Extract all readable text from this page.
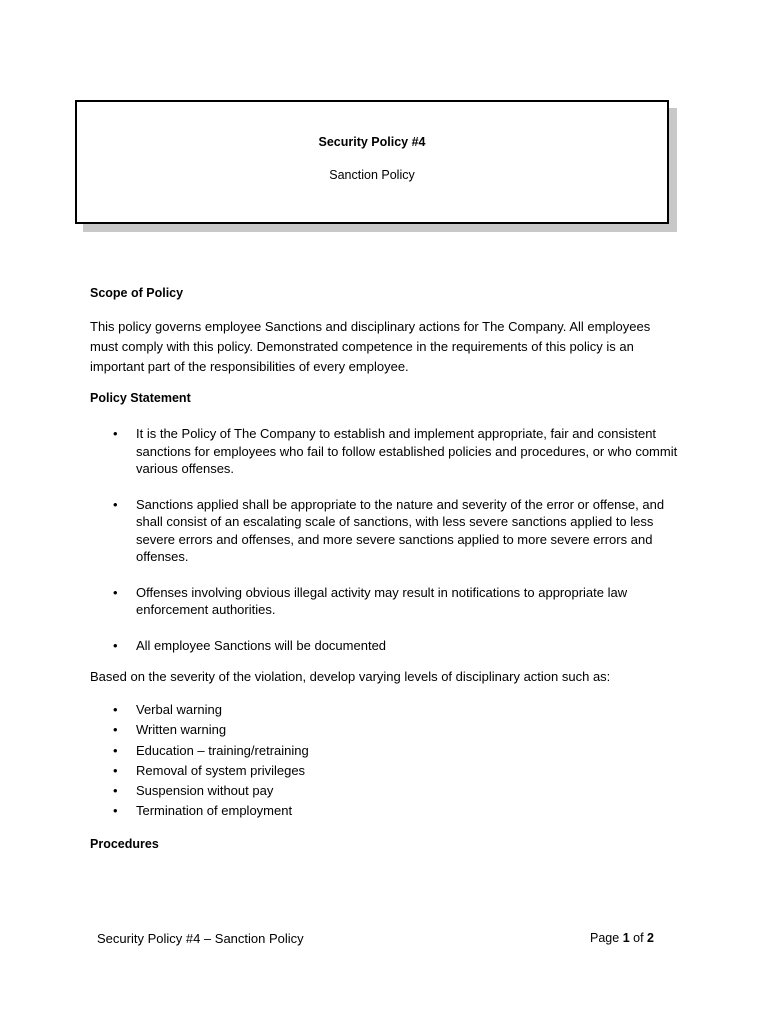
Security Policy #4
Sanction Policy
Scope of Policy
This policy governs employee Sanctions and disciplinary actions for The Company. All employees must comply with this policy. Demonstrated competence in the requirements of this policy is an important part of the responsibilities of every employee.
Policy Statement
• It is the Policy of The Company to establish and implement appropriate, fair and consistent sanctions for employees who fail to follow established policies and procedures, or who commit various offenses.
• Sanctions applied shall be appropriate to the nature and severity of the error or offense, and shall consist of an escalating scale of sanctions, with less severe sanctions applied to less severe errors and offenses, and more severe sanctions applied to more severe errors and offenses.
• Offenses involving obvious illegal activity may result in notifications to appropriate law enforcement authorities.
• All employee Sanctions will be documented
Based on the severity of the violation, develop varying levels of disciplinary action such as:
• Verbal warning
• Written warning
• Education – training/retraining
• Removal of system privileges
• Suspension without pay
• Termination of employment
Procedures
Security Policy #4 – Sanction Policy	Page 1 of 2
